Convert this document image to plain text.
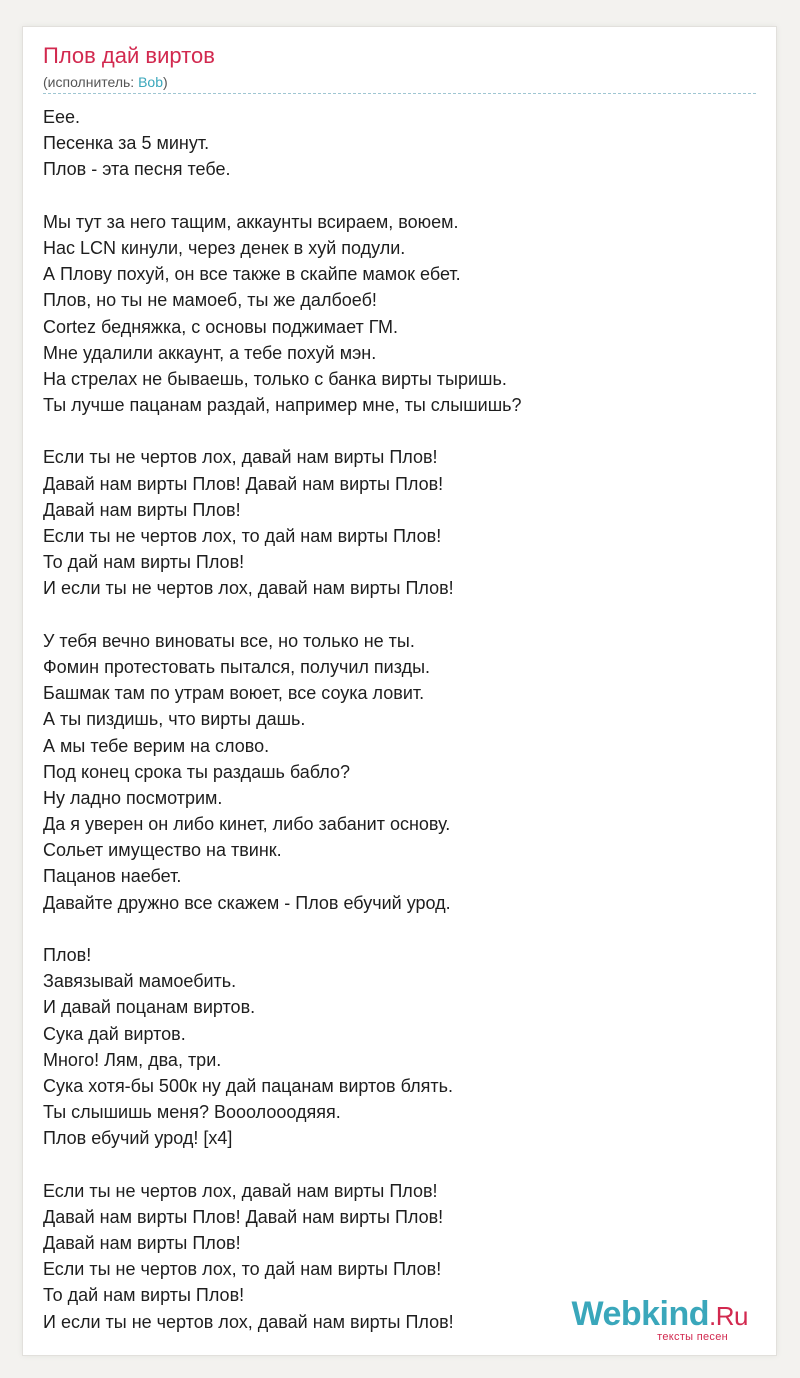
Плов дай виртов
(исполнитель: Bob)
Еее.
Песенка за 5 минут.
Плов - эта песня тебе.
Мы тут за него тащим, аккаунты всираем, воюем.
Нас LCN кинули, через денек в хуй подули.
А Плову похуй, он все также в скайпе мамок ебет.
Плов, но ты не мамоеб, ты же далбоеб!
Cortez бедняжка, с основы поджимает ГМ.
Мне удалили аккаунт, а тебе похуй мэн.
На стрелах не бываешь, только с банка вирты тыришь.
Ты лучше пацанам раздай, например мне, ты слышишь?
Если ты не чертов лох, давай нам вирты Плов!
Давай нам вирты Плов! Давай нам вирты Плов!
Давай нам вирты Плов!
Если ты не чертов лох, то дай нам вирты Плов!
То дай нам вирты Плов!
И если ты не чертов лох, давай нам вирты Плов!
У тебя вечно виноваты все, но только не ты.
Фомин протестовать пытался, получил пизды.
Башмак там по утрам воюет, все соука ловит.
А ты пиздишь, что вирты дашь.
А мы тебе верим на слово.
Под конец срока ты раздашь бабло?
Ну ладно посмотрим.
Да я уверен он либо кинет, либо забанит основу.
Сольет имущество на твинк.
Пацанов наебет.
Давайте дружно все скажем - Плов ебучий урод.
Плов!
Завязывай мамоебить.
И давай поцанам виртов.
Сука дай виртов.
Много! Лям, два, три.
Сука хотя-бы 500к ну дай пацанам виртов блять.
Ты слышишь меня? Вооолооодяяя.
Плов ебучий урод! [x4]
Если ты не чертов лох, давай нам вирты Плов!
Давай нам вирты Плов! Давай нам вирты Плов!
Давай нам вирты Плов!
Если ты не чертов лох, то дай нам вирты Плов!
То дай нам вирты Плов!
И если ты не чертов лох, давай нам вирты Плов!	Webkind.Ru
тексты песен
